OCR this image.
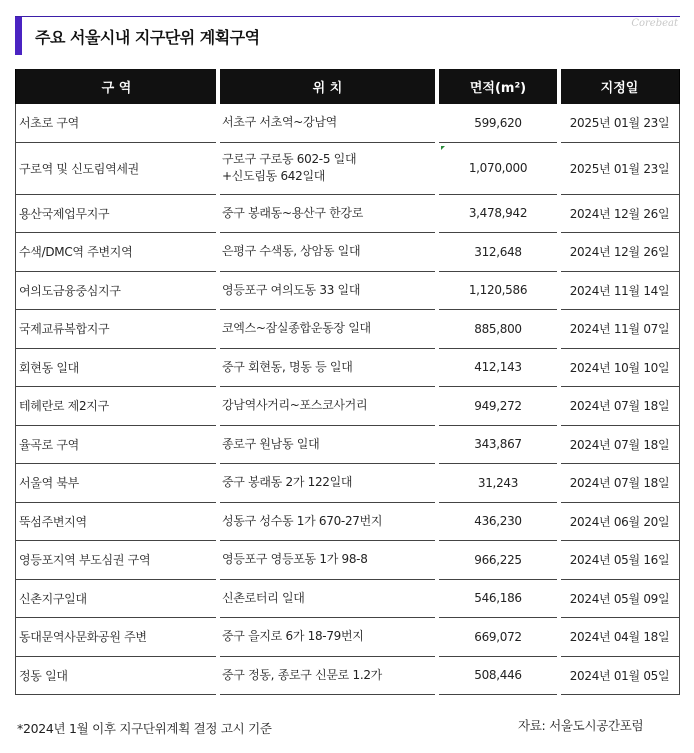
주요 서울시내 지구단위 계획구역
Corebeat
구 역	위 치	면적(m²)	지정일
서초로 구역	서초구 서초역~강남역	599,620	2025년 01월 23일
구로역 및 신도림역세권	구로구 구로동 602-5 일대
+신도림동 642일대	1,070,000	2025년 01월 23일
용산국제업무지구	중구 봉래동~용산구 한강로	3,478,942	2024년 12월 26일
수색/DMC역 주변지역	은평구 수색동, 상암동 일대	312,648	2024년 12월 26일
여의도금융중심지구	영등포구 여의도동 33 일대	1,120,586	2024년 11월 14일
국제교류복합지구	코엑스~잠실종합운동장 일대	885,800	2024년 11월 07일
회현동 일대	중구 회현동, 명동 등 일대	412,143	2024년 10월 10일
테헤란로 제2지구	강남역사거리~포스코사거리	949,272	2024년 07월 18일
율곡로 구역	종로구 원남동 일대	343,867	2024년 07월 18일
서울역 북부	중구 봉래동 2가 122일대	31,243	2024년 07월 18일
뚝섬주변지역	성동구 성수동 1가 670-27번지	436,230	2024년 06월 20일
영등포지역 부도심권 구역	영등포구 영등포동 1가 98-8	966,225	2024년 05월 16일
신촌지구일대	신촌로터리 일대	546,186	2024년 05월 09일
동대문역사문화공원 주변	중구 을지로 6가 18-79번지	669,072	2024년 04월 18일
정동 일대	중구 정동, 종로구 신문로 1.2가	508,446	2024년 01월 05일
*2024년 1월 이후 지구단위계획 결정 고시 기준	자료: 서울도시공간포럼
